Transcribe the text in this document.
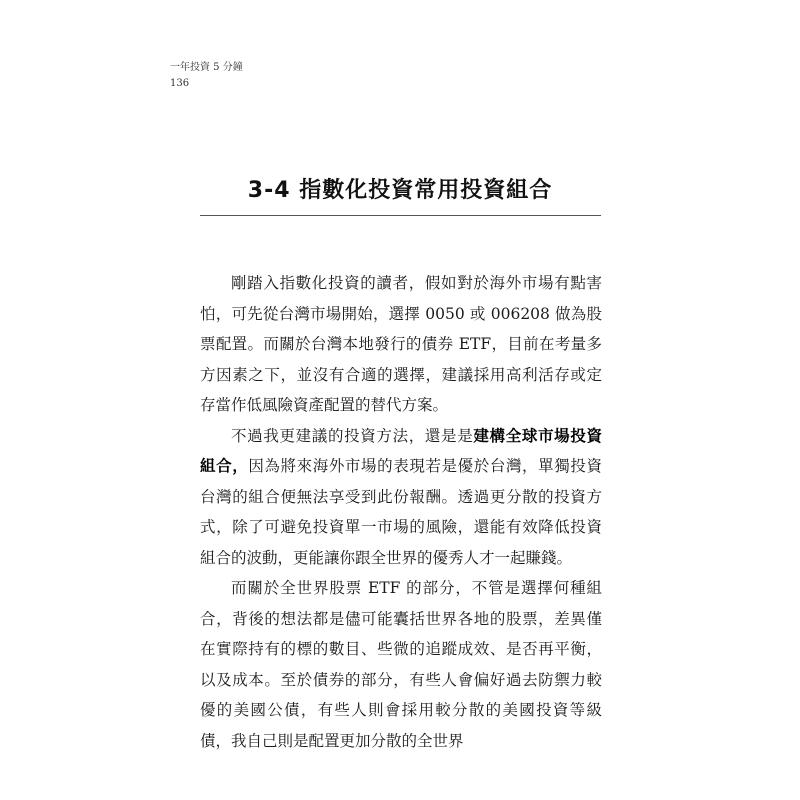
一年投資 5 分鐘
136
3-4 指數化投資常用投資組合

剛踏入指數化投資的讀者，假如對於海外市場有點害怕，可先從台灣市場開始，選擇 0050 或 006208 做為股票配置。而關於台灣本地發行的債券 ETF，目前在考量多方因素之下，並沒有合適的選擇，建議採用高利活存或定存當作低風險資產配置的替代方案。

不過我更建議的投資方法，還是是建構全球市場投資組合，因為將來海外市場的表現若是優於台灣，單獨投資台灣的組合便無法享受到此份報酬。透過更分散的投資方式，除了可避免投資單一市場的風險，還能有效降低投資組合的波動，更能讓你跟全世界的優秀人才一起賺錢。

而關於全世界股票 ETF 的部分，不管是選擇何種組合，背後的想法都是儘可能囊括世界各地的股票，差異僅在實際持有的標的數目、些微的追蹤成效、是否再平衡，以及成本。至於債券的部分，有些人會偏好過去防禦力較優的美國公債，有些人則會採用較分散的美國投資等級債，我自己則是配置更加分散的全世界
